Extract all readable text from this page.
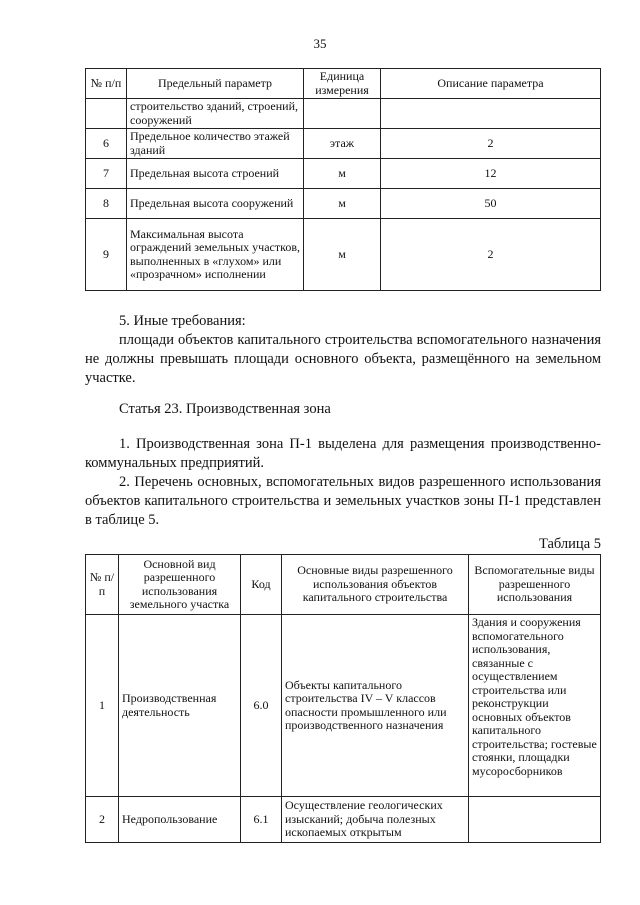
35
№ п/п	Предельный параметр	Единица измерения	Описание параметра
	строительство зданий, строений, сооружений		
6	Предельное количество этажей зданий	этаж	2
7	Предельная высота строений	м	12
8	Предельная высота сооружений	м	50
9	Максимальная высота ограждений земельных участков, выполненных в «глухом» или «прозрачном» исполнении	м	2
5. Иные требования:
площади объектов капитального строительства вспомогательного назначения не должны превышать площади основного объекта, размещённого на земельном участке.
Статья 23. Производственная зона
1. Производственная зона П-1 выделена для размещения производственно-коммунальных предприятий.
2. Перечень основных, вспомогательных видов разрешенного использования объектов капитального строительства и земельных участков зоны П-1 представлен в таблице 5.
Таблица 5
№ п/п	Основной вид разрешенного использования земельного участка	Код	Основные виды разрешенного использования объектов капитального строительства	Вспомогательные виды разрешенного использования
1	Производственная деятельность	6.0	Объекты капитального строительства IV – V классов опасности промышленного или производственного назначения	Здания и сооружения вспомогательного использования, связанные с осуществлением строительства или реконструкции основных объектов капитального строительства; гостевые стоянки, площадки мусоросборников
2	Недропользование	6.1	Осуществление геологических изысканий; добыча полезных ископаемых открытым	
